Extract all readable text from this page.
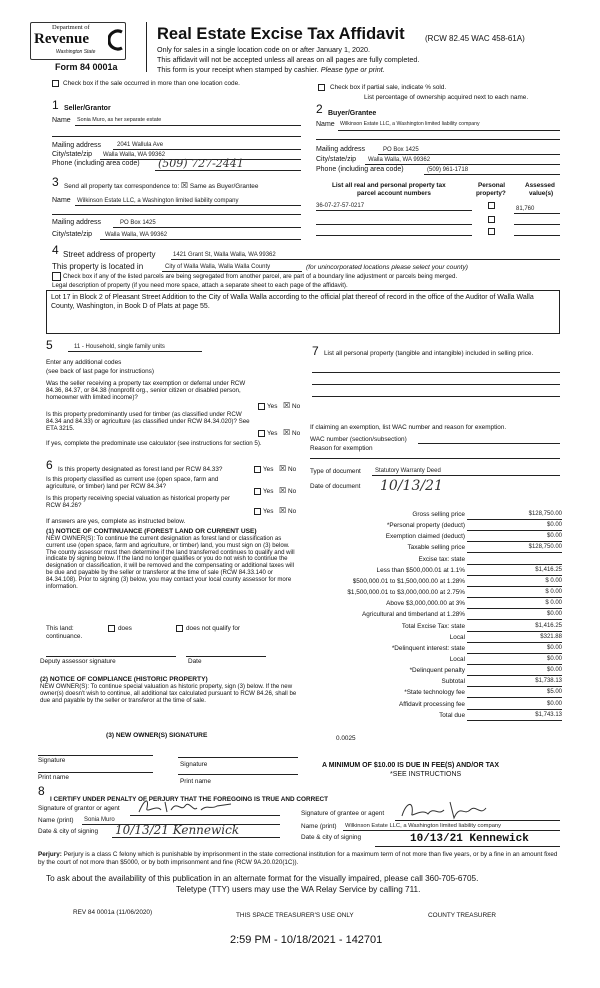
Department of
Revenue
Washington State
Form 84 0001a
Real Estate Excise Tax Affidavit	(RCW 82.45 WAC 458-61A)
Only for sales in a single location code on or after January 1, 2020.
This affidavit will not be accepted unless all areas on all pages are fully completed.
This form is your receipt when stamped by cashier. Please type or print.
Check box if the sale occurred in more than one location code.
Check box if partial sale, indicate % sold.
List percentage of ownership acquired next to each name.
1 Seller/Grantor
Name Sonia Muro, as her separate estate
Mailing address	2041 Wallula Ave
City/state/zip Walla Walla, WA 99362
Phone (including area code) (509) 727-2441
2 Buyer/Grantee
Name Wilkinson Estate LLC, a Washington limited liability company
Mailing address	PO Box 1425
City/state/zip Walla Walla, WA 99362
Phone (including area code)	(509) 961-1718
3 Send all property tax correspondence to: ☒ Same as Buyer/Grantee
Name Wilkinson Estate LLC, a Washington limited liability company
Mailing address	PO Box 1425
City/state/zip Walla Walla, WA 99362
List all real and personal property tax
parcel account numbers
Personal
property?
Assessed
value(s)
36-07-27-57-0217	81,760
4 Street address of property	1421 Grant St, Walla Walla, WA 99362
This property is located in	City of Walla Walla, Walla Walla County	(for unincorporated locations please select your county)
Check box if any of the listed parcels are being segregated from another parcel, are part of a boundary line adjustment or parcels being merged.
Legal description of property (if you need more space, attach a separate sheet to each page of the affidavit).
Lot 17 in Block 2 of Pleasant Street Addition to the City of Walla Walla according to the official plat thereof of record in the office of the Auditor of Walla Walla County, Washington, in Book D of Plats at page 55.
5	11 - Household, single family units
Enter any additional codes
(see back of last page for instructions)
Was the seller receiving a property tax exemption or deferral under RCW 84.36, 84.37, or 84.38 (nonprofit org., senior citizen or disabled person, homeowner with limited income)?
Yes ☒ No
Is this property predominantly used for timber (as classified under RCW 84.34 and 84.33) or agriculture (as classified under RCW 84.34.020)? See ETA 3215.
Yes ☒ No
If yes, complete the predominate use calculator (see instructions for section 5).
6 Is this property designated as forest land per RCW 84.33?	Yes ☒ No
Is this property classified as current use (open space, farm and agriculture, or timber) land per RCW 84.34?
Yes ☒ No
Is this property receiving special valuation as historical property per RCW 84.26?
Yes ☒ No
If answers are yes, complete as instructed below.
(1) NOTICE OF CONTINUANCE (FOREST LAND OR CURRENT USE)
NEW OWNER(S): To continue the current designation as forest land or classification as current use (open space, farm and agriculture, or timber) land, you must sign on (3) below. The county assessor must then determine if the land transferred continues to qualify and will indicate by signing below. If the land no longer qualifies or you do not wish to continue the designation or classification, it will be removed and the compensating or additional taxes will be due and payable by the seller or transferor at the time of sale (RCW 84.33.140 or 84.34.108). Prior to signing (3) below, you may contact your local county assessor for more information.
This land:
continuance.
does	does not qualify for
Deputy assessor signature	Date
(2) NOTICE OF COMPLIANCE (HISTORIC PROPERTY)
NEW OWNER(S): To continue special valuation as historic property, sign (3) below. If the new owner(s) doesn't wish to continue, all additional tax calculated pursuant to RCW 84.26, shall be due and payable by the seller or transferor at the time of sale.
(3) NEW OWNER(S) SIGNATURE
Signature
Signature
Print name
Print name
7 List all personal property (tangible and intangible) included in selling price.
If claiming an exemption, list WAC number and reason for exemption.
WAC number (section/subsection)
Reason for exemption
Type of document Statutory Warranty Deed
Date of document 10/13/21
Gross selling price	$128,750.00
*Personal property (deduct)	$0.00
Exemption claimed (deduct)	$0.00
Taxable selling price	$128,750.00
Excise tax: state
Less than $500,000.01 at 1.1%	$1,416.25
$500,000.01 to $1,500,000.00 at 1.28%	$ 0.00
$1,500,000.01 to $3,000,000.00 at 2.75%	$ 0.00
Above $3,000,000.00 at 3%	$ 0.00
Agricultural and timberland at 1.28%	$0.00
Total Excise Tax: state	$1,416.25
Local	$321.88
*Delinquent interest: state	$0.00
Local	$0.00
*Delinquent penalty	$0.00
Subtotal	$1,738.13
*State technology fee	$5.00
Affidavit processing fee	$0.00
Total due	$1,743.13
0.0025
A MINIMUM OF $10.00 IS DUE IN FEE(S) AND/OR TAX
*SEE INSTRUCTIONS
8
I CERTIFY UNDER PENALTY OF PERJURY THAT THE FOREGOING IS TRUE AND CORRECT
Signature of grantor or agent
Name (print) Sonia Muro
Date & city of signing 10/13/21 Kennewick
Signature of grantee or agent
Name (print) Wilkinson Estate LLC, a Washington limited liability company
Date & city of signing	10/13/21 Kennewick
Perjury: Perjury is a class C felony which is punishable by imprisonment in the state correctional institution for a maximum term of not more than five years, or by a fine in an amount fixed by the court of not more than $5000, or by both imprisonment and fine (RCW 9A.20.020(1C)).
To ask about the availability of this publication in an alternate format for the visually impaired, please call 360-705-6705.
Teletype (TTY) users may use the WA Relay Service by calling 711.
REV 84 0001a (11/06/2020)	THIS SPACE TREASURER'S USE ONLY	COUNTY TREASURER
2:59 PM - 10/18/2021 - 142701
